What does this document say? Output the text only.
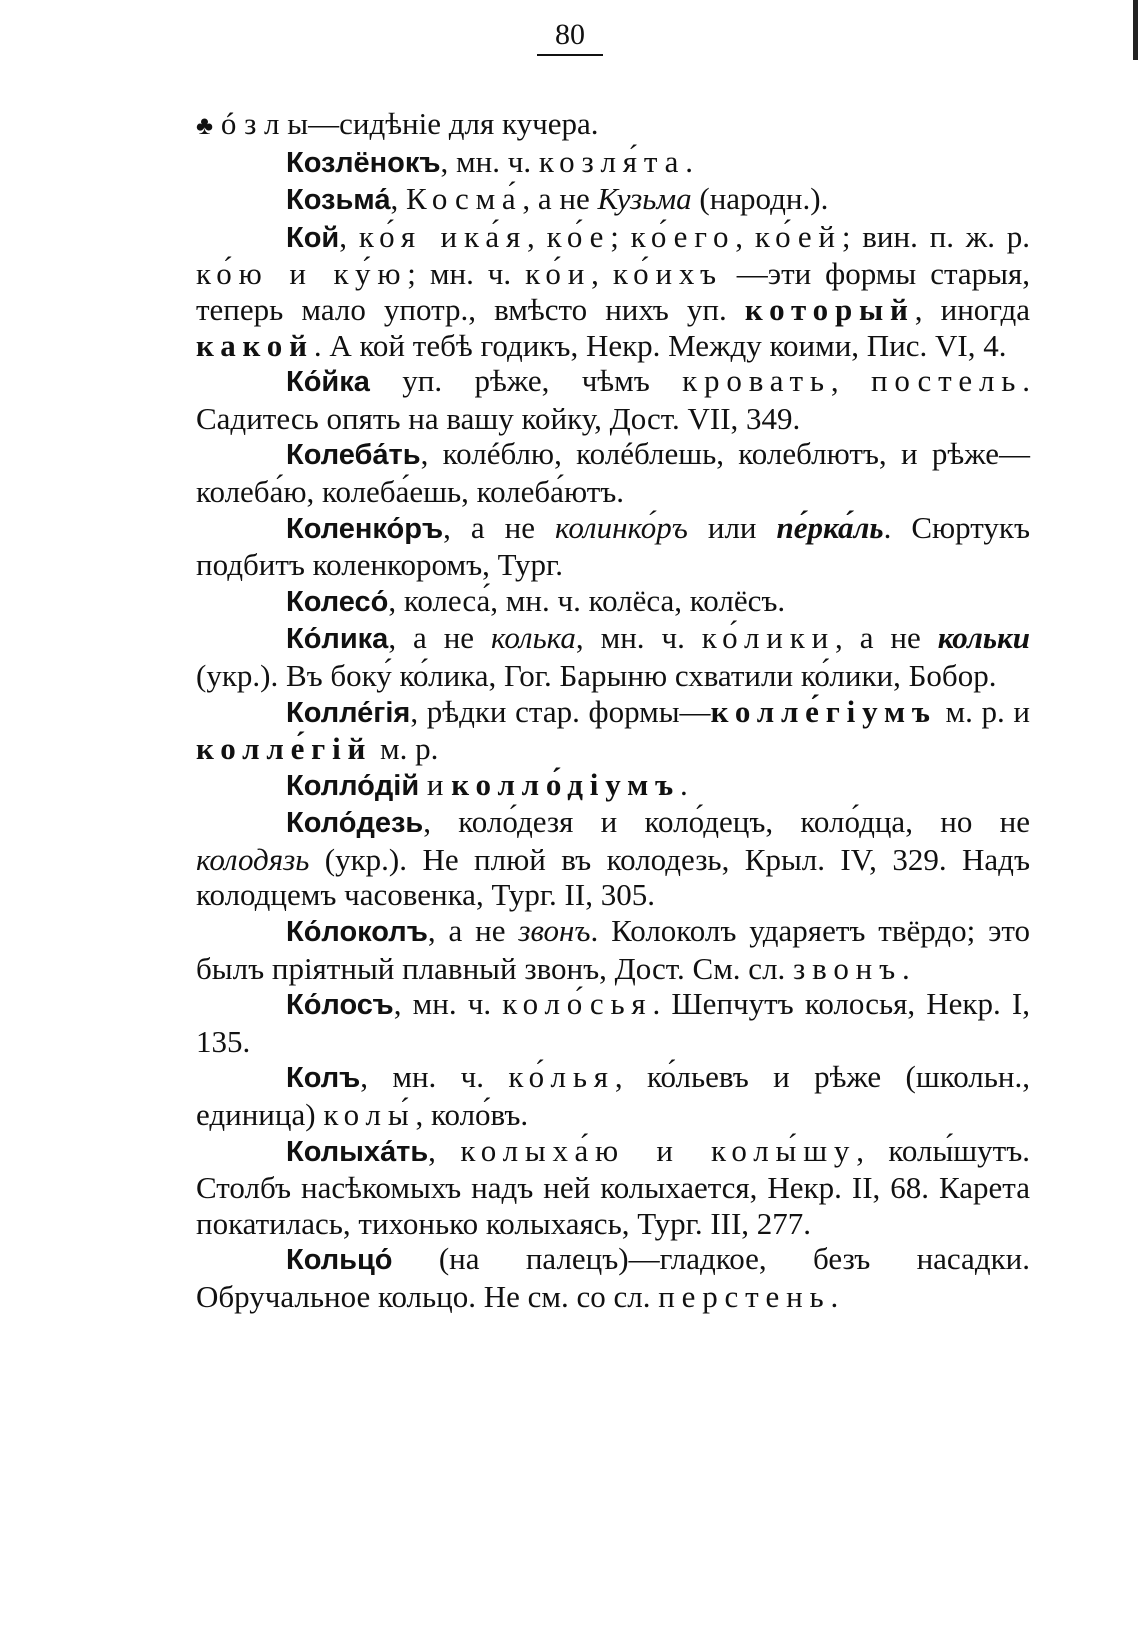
80

♣ ó з л ы—сидѣніе для кучера.

Козлёнокъ, мн. ч. козля́та.

Козьма́, Косма́, а не Кузьма (народн.).

Кой, ко́я ика́я, ко́е; ко́его, ко́ей; вин. п. ж. р. ко́ю и ку́ю; мн. ч. ко́и, ко́ихъ —эти формы старыя, теперь мало употр., вмѣсто нихъ уп. который, иногда какой. А кой тебѣ годикъ, Некр. Между коими, Пис. VI, 4.

Ко́йка уп. рѣже, чѣмъ кровать, постель. Садитесь опять на вашу койку, Дост. VII, 349.

Колеба́ть, колéблю, колéблешь, колеблютъ, и рѣже—колеба́ю, колеба́ешь, колеба́ютъ.

Коленко́ръ, а не колинко́ръ или пе́рка́ль. Сюртукъ подбитъ коленкоромъ, Тург.

Колесо́, колеса́, мн. ч. колёса, колёсъ.

Ко́лика, а не колька, мн. ч. ко́лики, а не кольки (укр.). Въ боку́ ко́лика, Гог. Барыню схватили ко́лики, Бобор.

Колле́гія, рѣдки стар. формы—колле́гіумъ м. р. и колле́гій м. р.

Колло́дій и колло́діумъ.

Коло́дезь, коло́дезя и коло́децъ, коло́дца, но не колодязь (укр.). Не плюй въ колодезь, Крыл. IV, 329. Надъ колодцемъ часовенка, Тург. II, 305.

Ко́локолъ, а не звонъ. Колоколъ ударяетъ твёрдо; это былъ пріятный плавный звонъ, Дост. См. сл. звонъ.

Ко́лосъ, мн. ч. коло́сья. Шепчутъ колосья, Некр. I, 135.

Колъ, мн. ч. ко́лья, ко́льевъ и рѣже (школьн., единица) колы́, коло́въ.

Колыха́ть, колыха́ю и колы́шу, колы́шутъ. Столбъ насѣкомыхъ надъ ней колыхается, Некр. II, 68. Карета покатилась, тихонько колыхаясь, Тург. III, 277.

Кольцо́ (на палецъ)—гладкое, безъ насадки. Обручальное кольцо. Не см. со сл. перстень.
